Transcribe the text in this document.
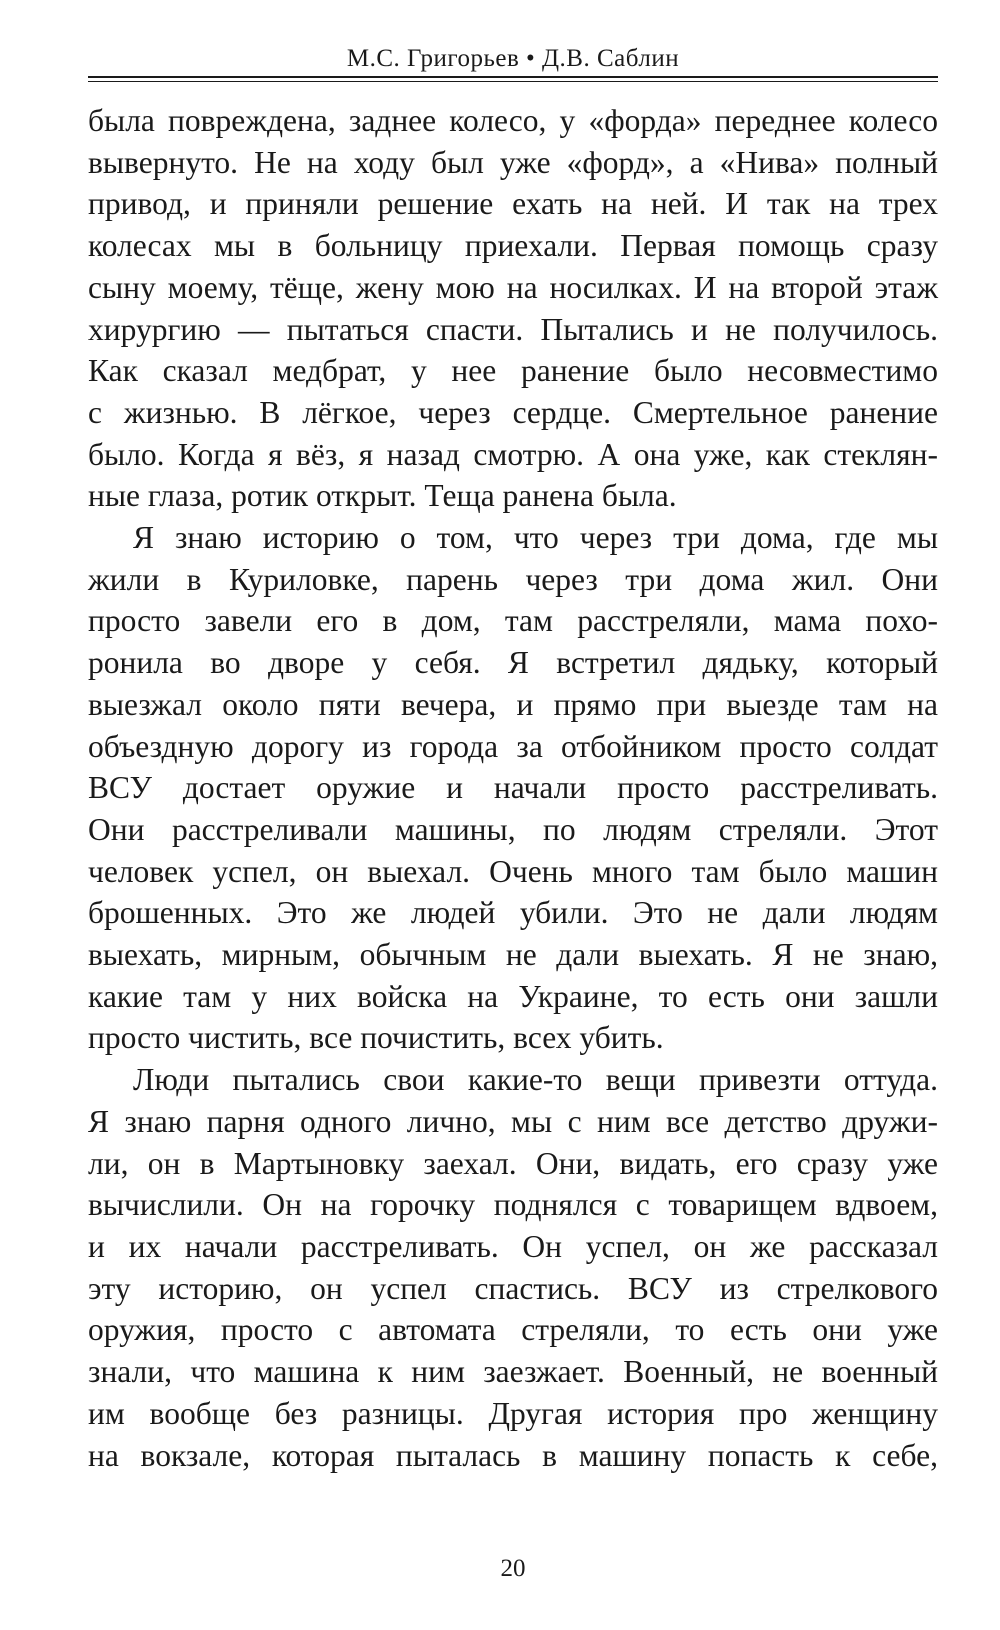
М.С. Григорьев • Д.В. Саблин

была повреждена, заднее колесо, у «форда» переднее колесо

вывернуто. Не на ходу был уже «форд», а «Нива» полный

привод, и приняли решение ехать на ней. И так на трех

колесах мы в больницу приехали. Первая помощь сразу

сыну моему, тёще, жену мою на носилках. И на второй этаж

хирургию — пытаться спасти. Пытались и не получилось.

Как сказал медбрат, у нее ранение было несовместимо

с жизнью. В лёгкое, через сердце. Смертельное ранение

было. Когда я вёз, я назад смотрю. А она уже, как стеклян-

ные глаза, ротик открыт. Теща ранена была.

Я знаю историю о том, что через три дома, где мы

жили в Куриловке, парень через три дома жил. Они

просто завели его в дом, там расстреляли, мама похо-

ронила во дворе у себя. Я встретил дядьку, который

выезжал около пяти вечера, и прямо при выезде там на

объездную дорогу из города за отбойником просто солдат

ВСУ достает оружие и начали просто расстреливать.

Они расстреливали машины, по людям стреляли. Этот

человек успел, он выехал. Очень много там было машин

брошенных. Это же людей убили. Это не дали людям

выехать, мирным, обычным не дали выехать. Я не знаю,

какие там у них войска на Украине, то есть они зашли

просто чистить, все почистить, всех убить.

Люди пытались свои какие-то вещи привезти оттуда.

Я знаю парня одного лично, мы с ним все детство дружи-

ли, он в Мартыновку заехал. Они, видать, его сразу уже

вычислили. Он на горочку поднялся с товарищем вдвоем,

и их начали расстреливать. Он успел, он же рассказал

эту историю, он успел спастись. ВСУ из стрелкового

оружия, просто с автомата стреляли, то есть они уже

знали, что машина к ним заезжает. Военный, не военный

им вообще без разницы. Другая история про женщину

на вокзале, которая пыталась в машину попасть к себе,

20
